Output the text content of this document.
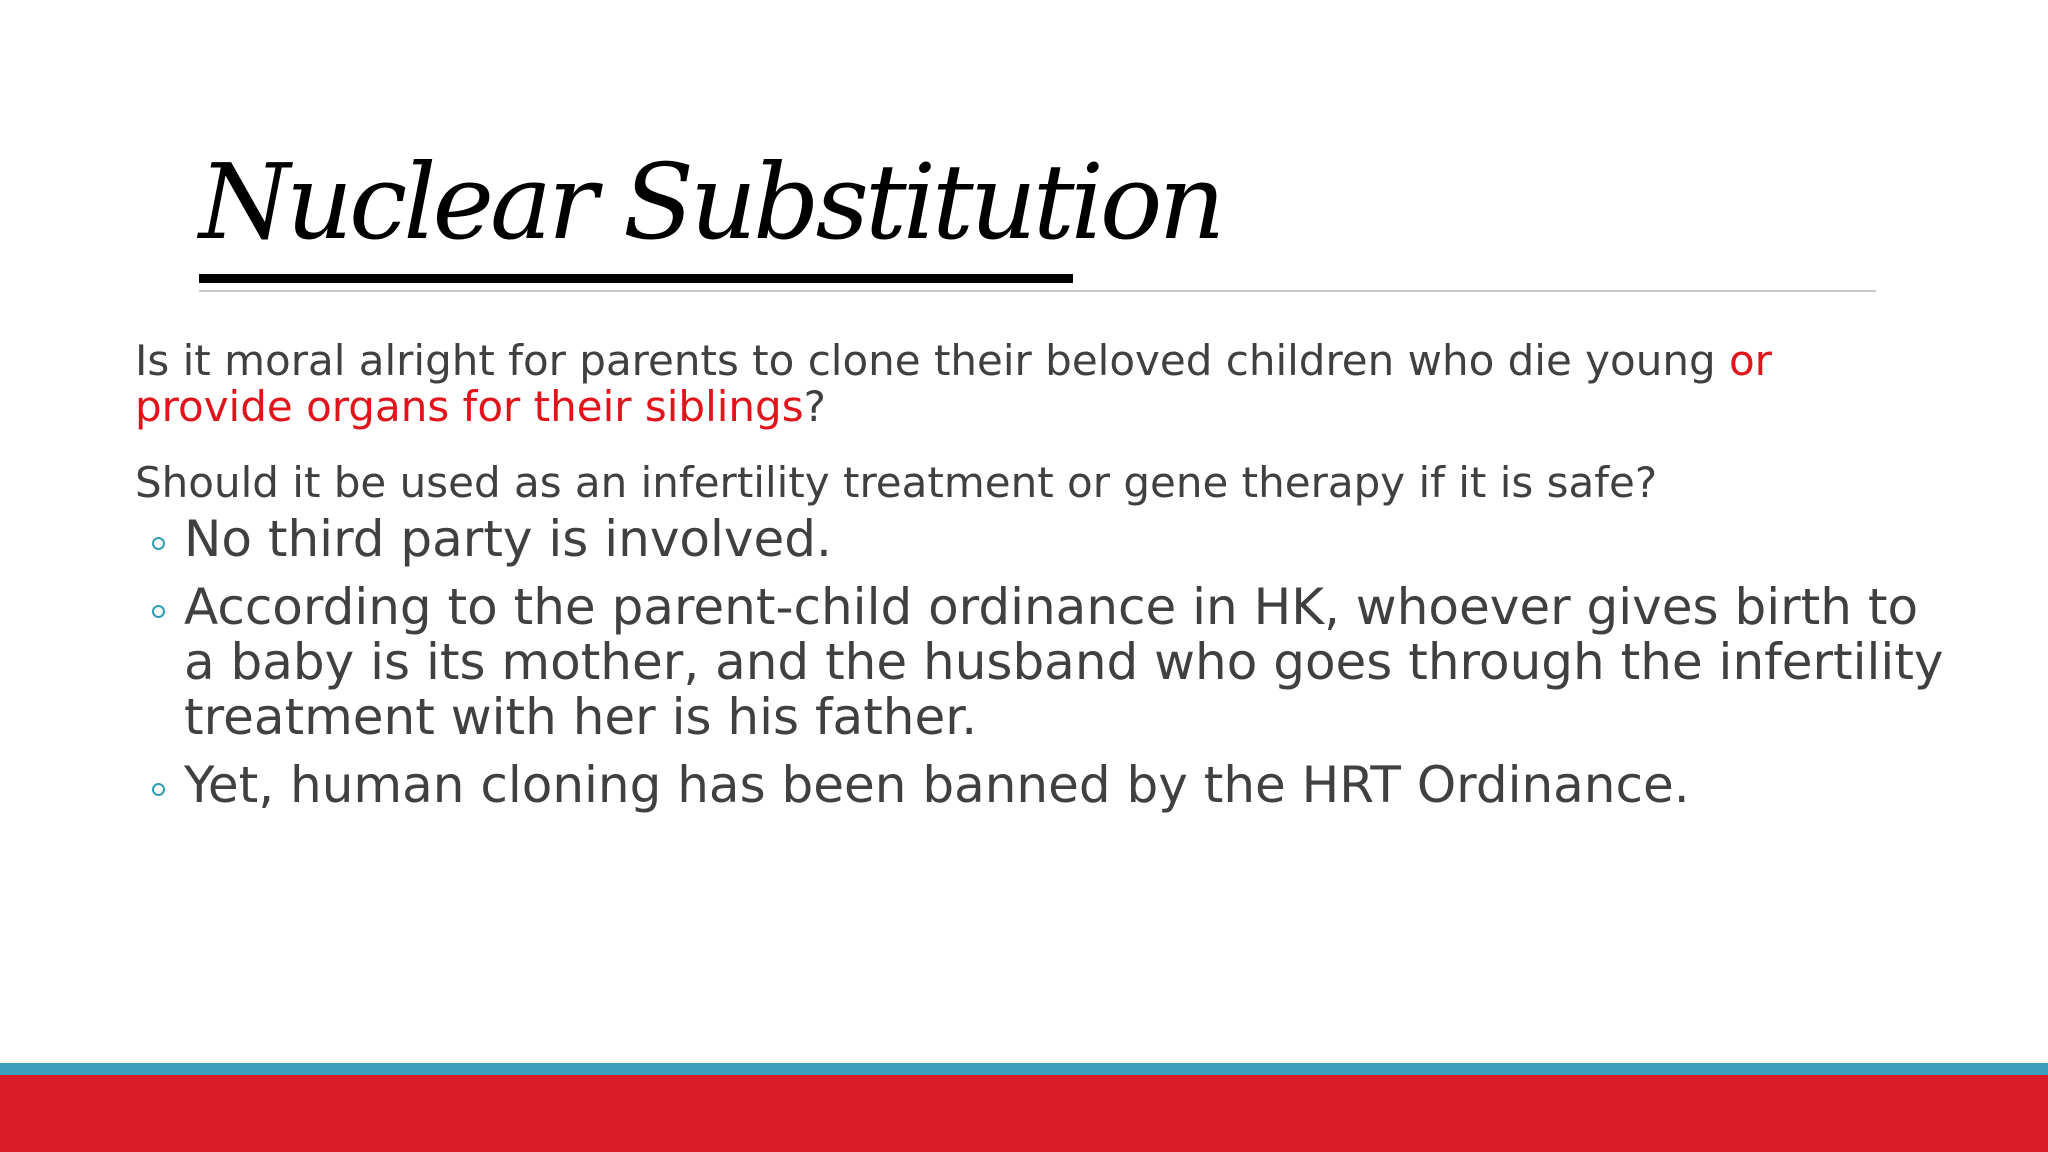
Nuclear Substitution

Is it moral alright for parents to clone their beloved children who die young or provide organs for their siblings?

Should it be used as an infertility treatment or gene therapy if it is safe?

No third party is involved.
According to the parent-child ordinance in HK, whoever gives birth to a baby is its mother, and the husband who goes through the infertility treatment with her is his father.
Yet, human cloning has been banned by the HRT Ordinance.
